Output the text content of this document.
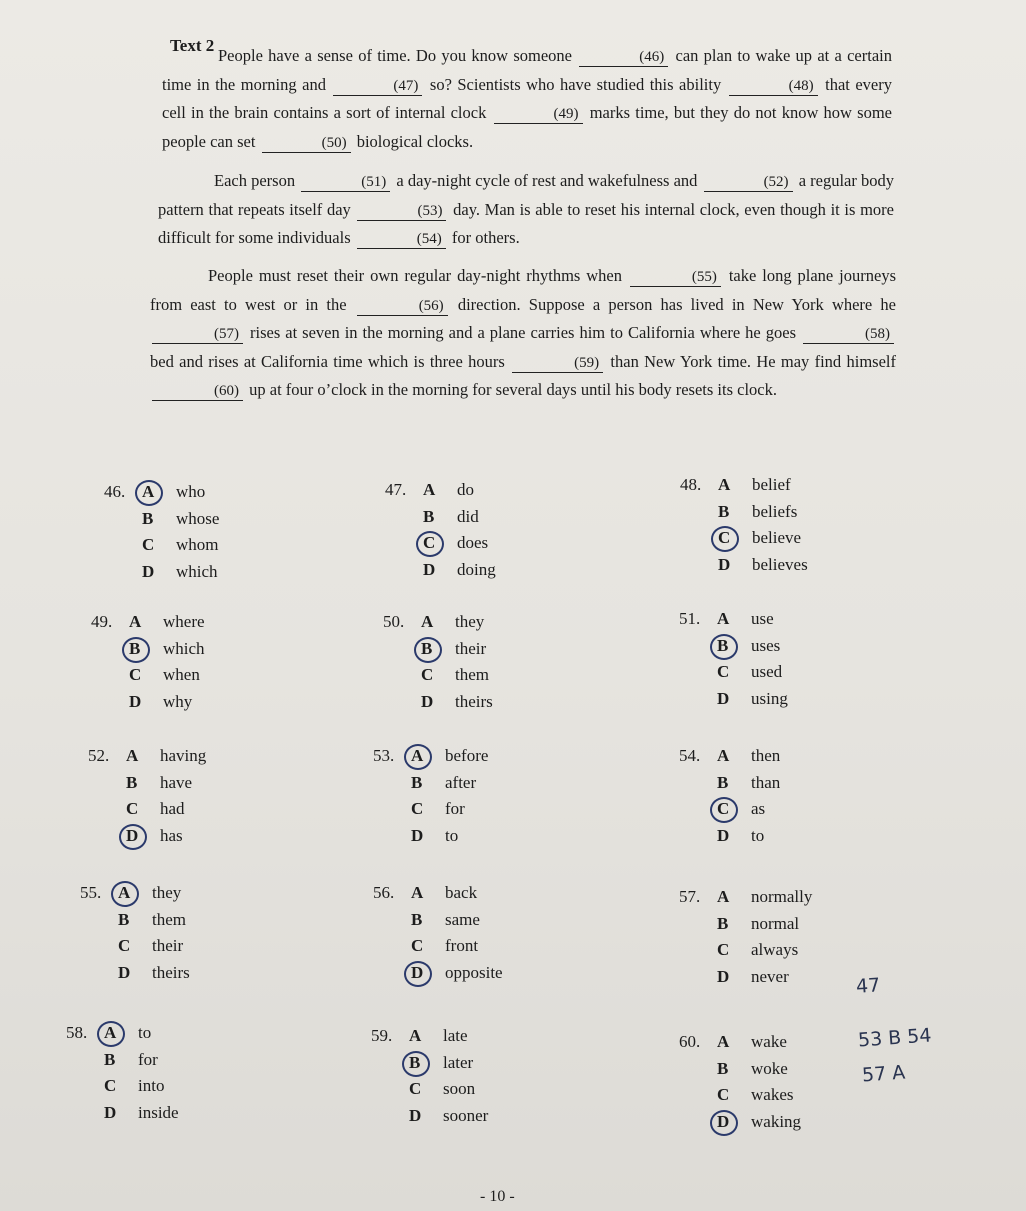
Text 2

People have a sense of time. Do you know someone	(46) can plan to wake up at a certain time in the morning and	(47) so? Scientists who have studied this ability	(48) that every cell in the brain contains a sort of internal clock	(49) marks time, but they do not know how some people can set	(50) biological clocks.

Each person	(51) a day-night cycle of rest and wakefulness and	(52) a regular body pattern that repeats itself day	(53) day. Man is able to reset his internal clock, even though it is more difficult for some individuals	(54) for others.

People must reset their own regular day-night rhythms when	(55) take long plane journeys from east to west or in the	(56) direction. Suppose a person has lived in New York where he (57) rises at seven in the morning and a plane carries him to California where he goes	(58) bed and rises at California time which is three hours	(59) than New York time. He may find himself (60) up at four o’clock in the morning for several days until his body resets its clock.

46. A who
B whose
C whom
D which
47. A do
B did
C does
D doing
48. A belief
B beliefs
C believe
D believes
49. A where
B which
C when
D why
50. A they
B their
C them
D theirs
51. A use
B uses
C used
D using
52. A having
B have
C had
D has
53. A before
B after
C for
D to
54. A then
B than
C as
D to
55. A they
B them
C their
D theirs
56. A back
B same
C front
D opposite
57. A normally
B normal
C always
D never
58. A to
B for
C into
D inside
59. A late
B later
C soon
D sooner
60. A wake
B woke
C wakes
D waking
47
53 B 54
57 A
- 10 -
